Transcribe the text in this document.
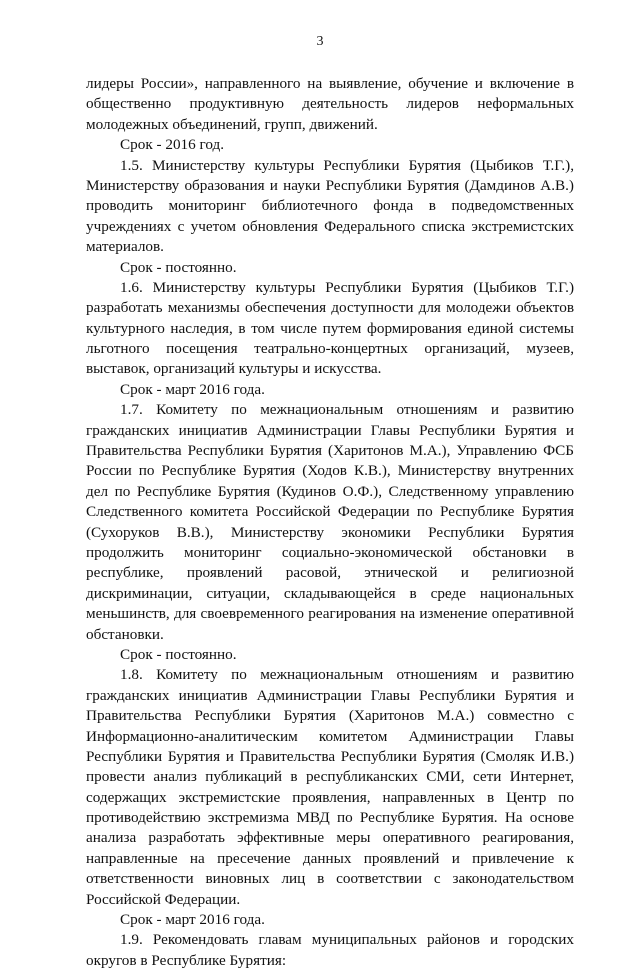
3
лидеры России», направленного на выявление, обучение и включение в
общественно продуктивную деятельность лидеров неформальных
молодежных объединений, групп, движений.
Срок - 2016 год.
1.5. Министерству культуры Республики Бурятия (Цыбиков Т.Г.),
Министерству образования и науки Республики Бурятия (Дамдинов А.В.)
проводить мониторинг библиотечного фонда в подведомственных
учреждениях с учетом обновления Федерального списка экстремистских
материалов.
Срок - постоянно.
1.6. Министерству культуры Республики Бурятия (Цыбиков Т.Г.)
разработать механизмы обеспечения доступности для молодежи объектов
культурного наследия, в том числе путем формирования единой системы
льготного посещения театрально-концертных организаций, музеев,
выставок, организаций культуры и искусства.
Срок - март 2016 года.
1.7. Комитету по межнациональным отношениям и развитию
гражданских инициатив Администрации Главы Республики Бурятия и
Правительства Республики Бурятия (Харитонов М.А.), Управлению ФСБ
России по Республике Бурятия (Ходов К.В.), Министерству внутренних
дел по Республике Бурятия (Кудинов О.Ф.), Следственному управлению
Следственного комитета Российской Федерации по Республике Бурятия
(Сухоруков В.В.), Министерству экономики Республики Бурятия
продолжить мониторинг социально-экономической обстановки в
республике, проявлений расовой, этнической и религиозной
дискриминации, ситуации, складывающейся в среде национальных
меньшинств, для своевременного реагирования на изменение оперативной
обстановки.
Срок - постоянно.
1.8. Комитету по межнациональным отношениям и развитию
гражданских инициатив Администрации Главы Республики Бурятия и
Правительства Республики Бурятия (Харитонов М.А.) совместно с
Информационно-аналитическим комитетом Администрации Главы
Республики Бурятия и Правительства Республики Бурятия (Смоляк И.В.)
провести анализ публикаций в республиканских СМИ, сети Интернет,
содержащих экстремистские проявления, направленных в Центр по
противодействию экстремизма МВД по Республике Бурятия. На основе
анализа разработать эффективные меры оперативного реагирования,
направленные на пресечение данных проявлений и привлечение к
ответственности виновных лиц в соответствии с законодательством
Российской Федерации.
Срок - март 2016 года.
1.9. Рекомендовать главам муниципальных районов и городских
округов в Республике Бурятия:
